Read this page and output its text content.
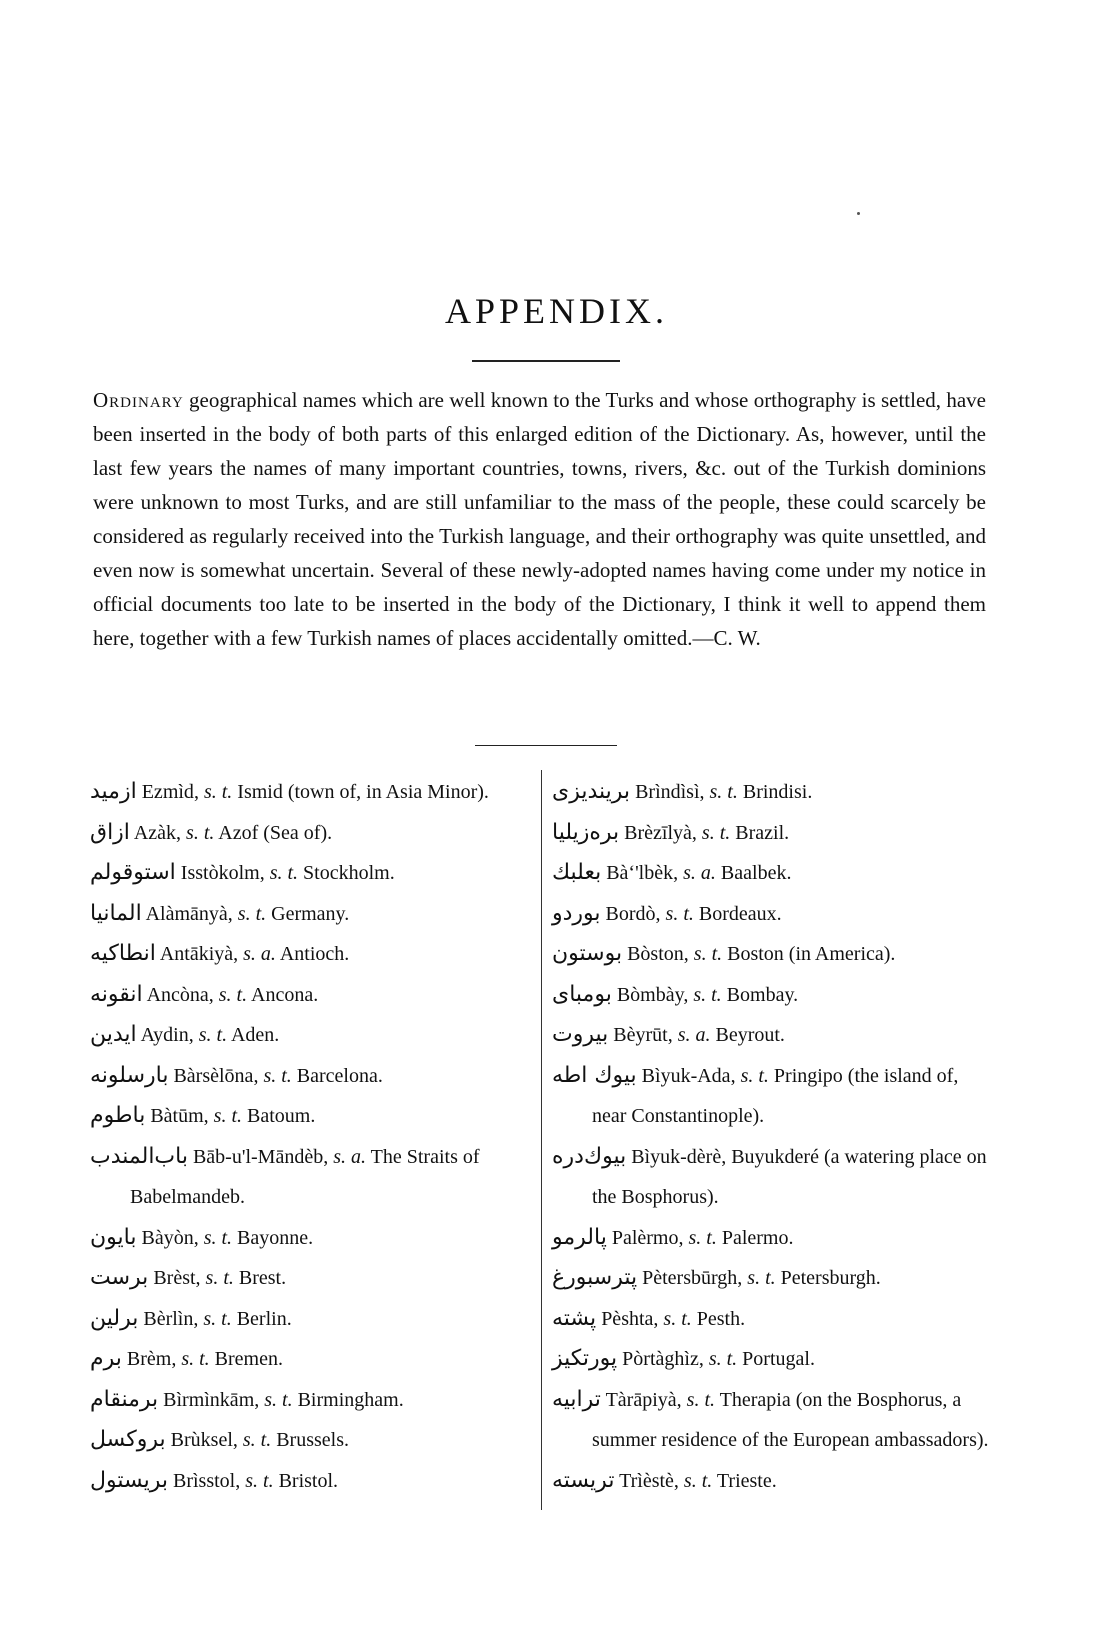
APPENDIX.
Ordinary geographical names which are well known to the Turks and whose orthography is settled, have been inserted in the body of both parts of this enlarged edition of the Dictionary. As, however, until the last few years the names of many important countries, towns, rivers, &c. out of the Turkish dominions were unknown to most Turks, and are still unfamiliar to the mass of the people, these could scarcely be considered as regularly received into the Turkish language, and their orthography was quite unsettled, and even now is somewhat uncertain. Several of these newly-adopted names having come under my notice in official documents too late to be inserted in the body of the Dictionary, I think it well to append them here, together with a few Turkish names of places accidentally omitted.—C. W.

ازمید Ezmìd, s. t. Ismid (town of, in Asia Minor).

ازاق Azàk, s. t. Azof (Sea of).

استوقولم Isstòkolm, s. t. Stockholm.

المانیا Alàmānyà, s. t. Germany.

انطاکیه Antākiyà, s. a. Antioch.

انقونه Ancòna, s. t. Ancona.

ایدین Aydin, s. t. Aden.

بارسلونه Bàrsèlōna, s. t. Barcelona.

باطوم Bàtūm, s. t. Batoum.

باب‌المندب Bāb-u'l-Māndèb, s. a. The Straits of Babelmandeb.

بایون Bàyòn, s. t. Bayonne.

برست Brèst, s. t. Brest.

برلین Bèrlìn, s. t. Berlin.

برم Brèm, s. t. Bremen.

برمنقام Bìrmìnkām, s. t. Birmingham.

بروکسل Brùksel, s. t. Brussels.

بریستول Brìsstol, s. t. Bristol.

بریندیزی Brìndìsì, s. t. Brindisi.

برەزیلیا Brèzīlyà, s. t. Brazil.

بعلبك Bà‘'lbèk, s. a. Baalbek.

بوردو Bordò, s. t. Bordeaux.

بوستون Bòston, s. t. Boston (in America).

بومبای Bòmbày, s. t. Bombay.

بیروت Bèyrūt, s. a. Beyrout.

بیوك اطه Bìyuk-Ada, s. t. Pringipo (the island of, near Constantinople).

بیوك‌دره Bìyuk-dèrè, Buyukderé (a watering place on the Bosphorus).

پالرمو Palèrmo, s. t. Palermo.

پترسبورغ Pètersbūrgh, s. t. Petersburgh.

پشته Pèshta, s. t. Pesth.

پورتکیز Pòrtàghìz, s. t. Portugal.

ترابیه Tàrāpiyà, s. t. Therapia (on the Bosphorus, a summer residence of the European ambassadors).

تریسته Trìèstè, s. t. Trieste.
